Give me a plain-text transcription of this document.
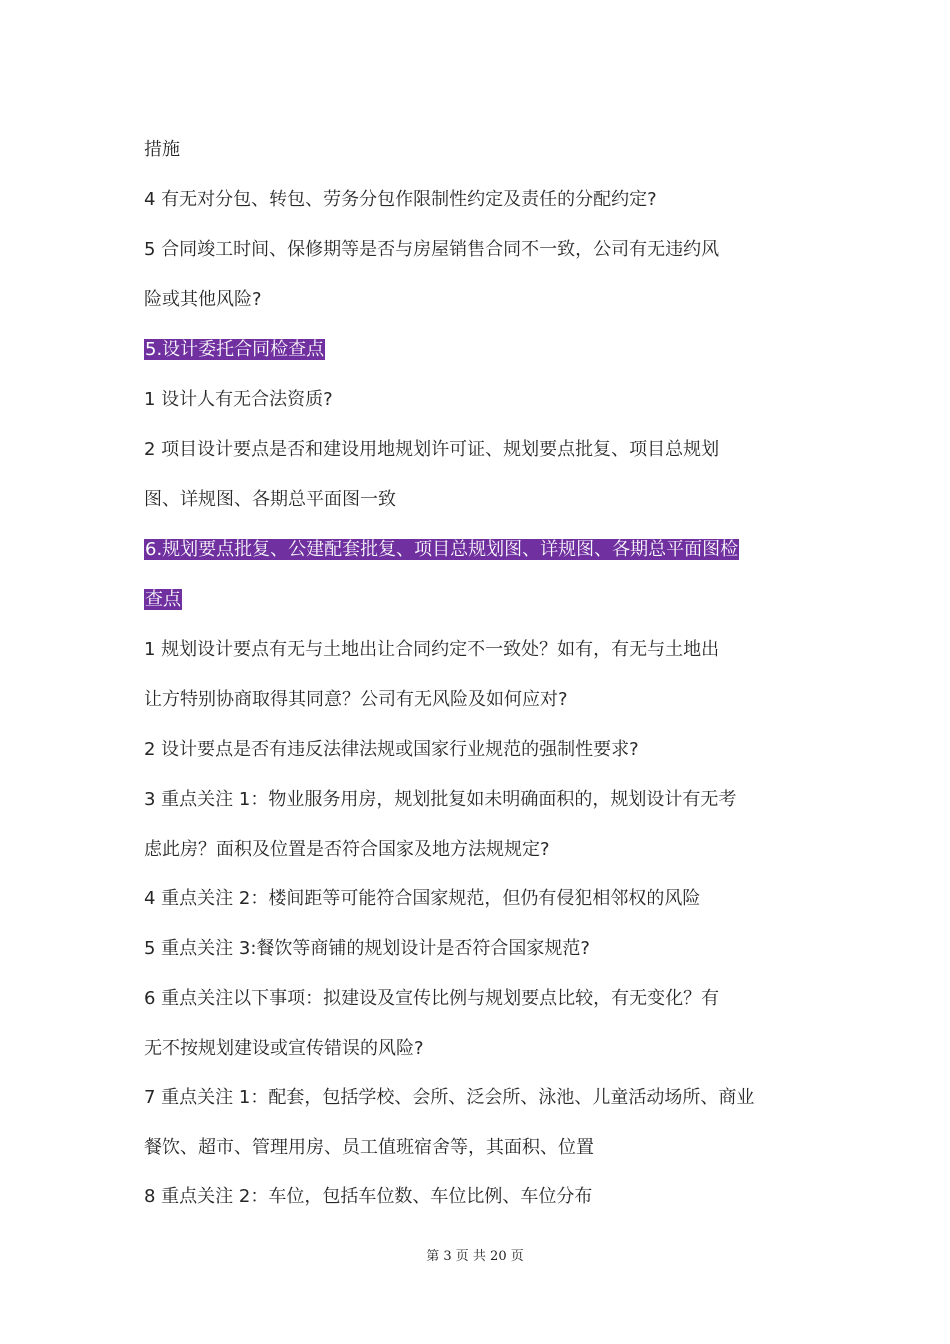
措施
4 有无对分包、转包、劳务分包作限制性约定及责任的分配约定?
5 合同竣工时间、保修期等是否与房屋销售合同不一致，公司有无违约风
险或其他风险?
5.设计委托合同检查点
1 设计人有无合法资质?
2 项目设计要点是否和建设用地规划许可证、规划要点批复、项目总规划
图、详规图、各期总平面图一致
6.规划要点批复、公建配套批复、项目总规划图、详规图、各期总平面图检
查点
1 规划设计要点有无与土地出让合同约定不一致处？如有，有无与土地出
让方特别协商取得其同意？公司有无风险及如何应对?
2 设计要点是否有违反法律法规或国家行业规范的强制性要求?
3 重点关注 1：物业服务用房，规划批复如未明确面积的，规划设计有无考
虑此房？面积及位置是否符合国家及地方法规规定?
4 重点关注 2：楼间距等可能符合国家规范，但仍有侵犯相邻权的风险
5 重点关注 3:餐饮等商铺的规划设计是否符合国家规范?
6 重点关注以下事项：拟建设及宣传比例与规划要点比较，有无变化？有
无不按规划建设或宣传错误的风险?
7 重点关注 1：配套，包括学校、会所、泛会所、泳池、儿童活动场所、商业
餐饮、超市、管理用房、员工值班宿舍等，其面积、位置
8 重点关注 2：车位，包括车位数、车位比例、车位分布
第 3 页 共 20 页
